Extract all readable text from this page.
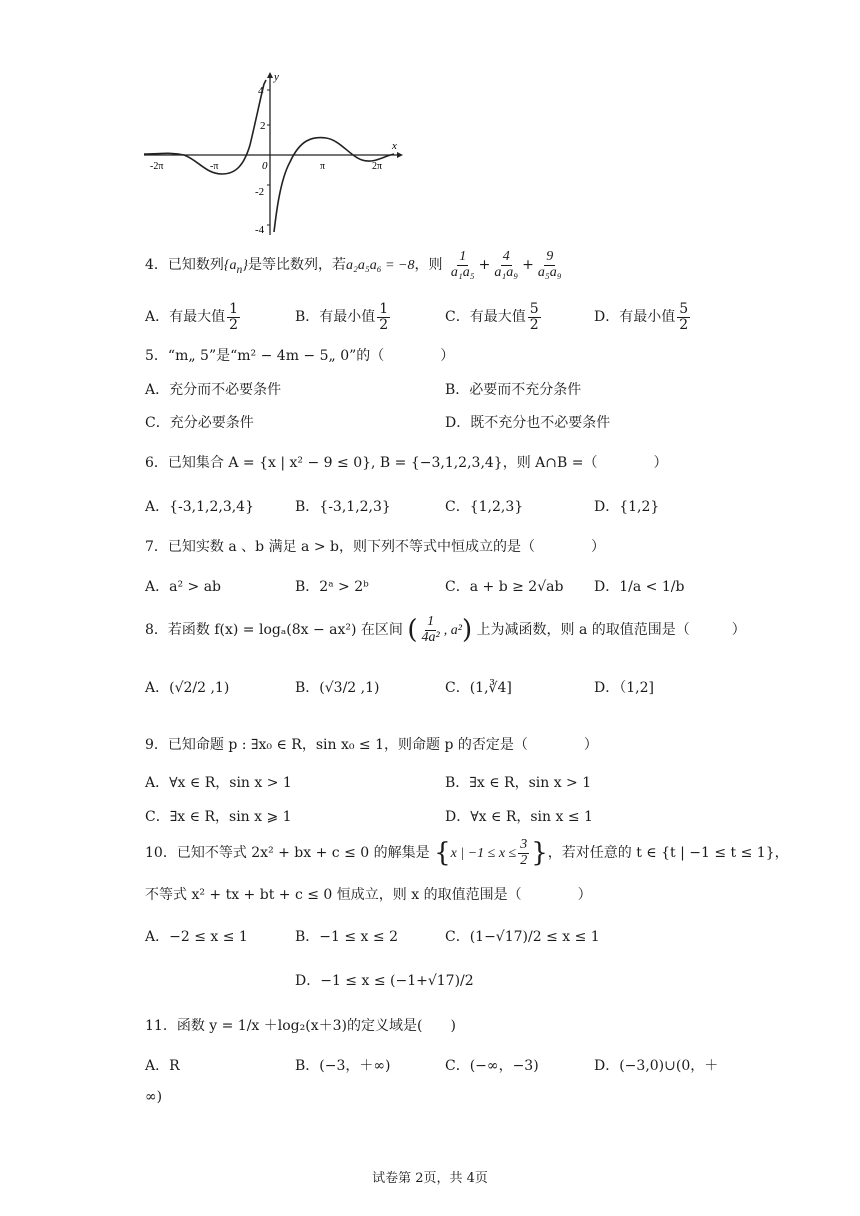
x
y
4
2
-2
-4
-2π	-π	π	2π
0
4．已知数列$\{a_n\}$是等比数列，若a₂a₅a₆ = −8，则 $\frac{1}{\text{a₁a₅}} + \frac{4}{\text{a₁a₉}} + \frac{9}{\text{a₅a₉}}$
A．有最大值 $\frac{1}{2}$	B．有最小值 $\frac{1}{2}$	C．有最大值 $\frac{5}{2}$	D．有最小值 $\frac{5}{2}$
5．“m„ 5”是“m² − 4m − 5„ 0”的（　　　　）
A．充分而不必要条件	B．必要而不充分条件
C．充分必要条件	D．既不充分也不必要条件
6．已知集合 A = {x | x² − 9 ≤ 0}, B = {−3,1,2,3,4}，则 A∩B =（　　　　）
A．{-3,1,2,3,4}	B．{-3,1,2,3}	C．{1,2,3}	D．{1,2}
7．已知实数 a 、b 满足 a > b，则下列不等式中恒成立的是（　　　　）
A．a² > ab	B．2ᵃ > 2ᵇ	C．a + b ≥ 2√ab D．1/a < 1/b
8．若函数 f(x) = logₐ(8x − ax²) 在区间 ( $\frac{1}{\text{4a²}}$ , a²) 上为减函数，则 a 的取值范围是（　　　）
A．(√2/2 ,1)	B．(√3/2 ,1)	C．(1,∛4]	D．（1,2]
9．已知命题 p : ∃x₀ ∈ R，sin x₀ ≤ 1，则命题 p 的否定是（　　　　）
A．∀x ∈ R，sin x > 1	B．∃x ∈ R，sin x > 1
C．∃x ∈ R，sin x ⩾ 1	D．∀x ∈ R，sin x ≤ 1
10．已知不等式 2x² + bx + c ≤ 0 的解集是 {x | $-1 \le x \le \frac{3}{2}$ }，若对任意的 t ∈ {t | −1 ≤ t ≤ 1}，
不等式 x² + tx + bt + c ≤ 0 恒成立，则 x 的取值范围是（　　　　）
A．−2 ≤ x ≤ 1	B．−1 ≤ x ≤ 2	C．(1−√17)/2 ≤ x ≤ 1
D．−1 ≤ x ≤ (−1+√17)/2
11．函数 y = 1/x ＋log₂(x＋3)的定义域是(　　)
A．R	B．(−3，＋∞)	C．(−∞，−3)	D．(−3,0)∪(0，＋
∞)
试卷第 2页，共 4页
